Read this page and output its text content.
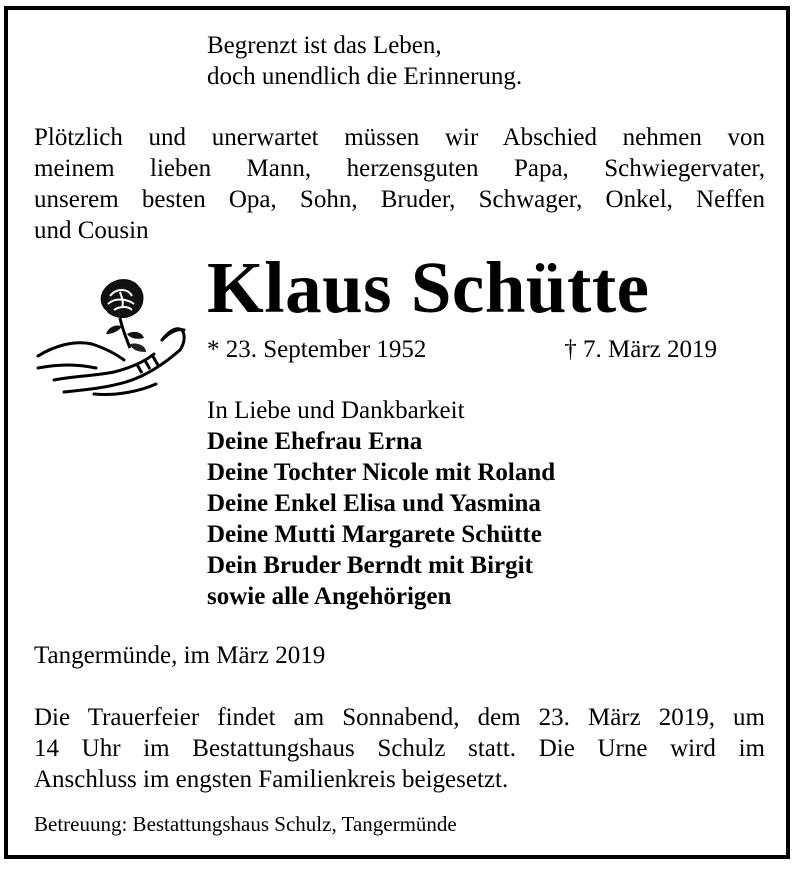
Begrenzt ist das Leben,
doch unendlich die Erinnerung.
Plötzlich und unerwartet müssen wir Abschied nehmen von
meinem lieben Mann, herzensguten Papa, Schwiegervater,
unserem besten Opa, Sohn, Bruder, Schwager, Onkel, Neffen
und Cousin
Klaus Schütte
* 23. September 1952	† 7. März 2019
In Liebe und Dankbarkeit
Deine Ehefrau Erna
Deine Tochter Nicole mit Roland
Deine Enkel Elisa und Yasmina
Deine Mutti Margarete Schütte
Dein Bruder Berndt mit Birgit
sowie alle Angehörigen
Tangermünde, im März 2019
Die Trauerfeier findet am Sonnabend, dem 23. März 2019, um
14 Uhr im Bestattungshaus Schulz statt. Die Urne wird im
Anschluss im engsten Familienkreis beigesetzt.
Betreuung: Bestattungshaus Schulz, Tangermünde
